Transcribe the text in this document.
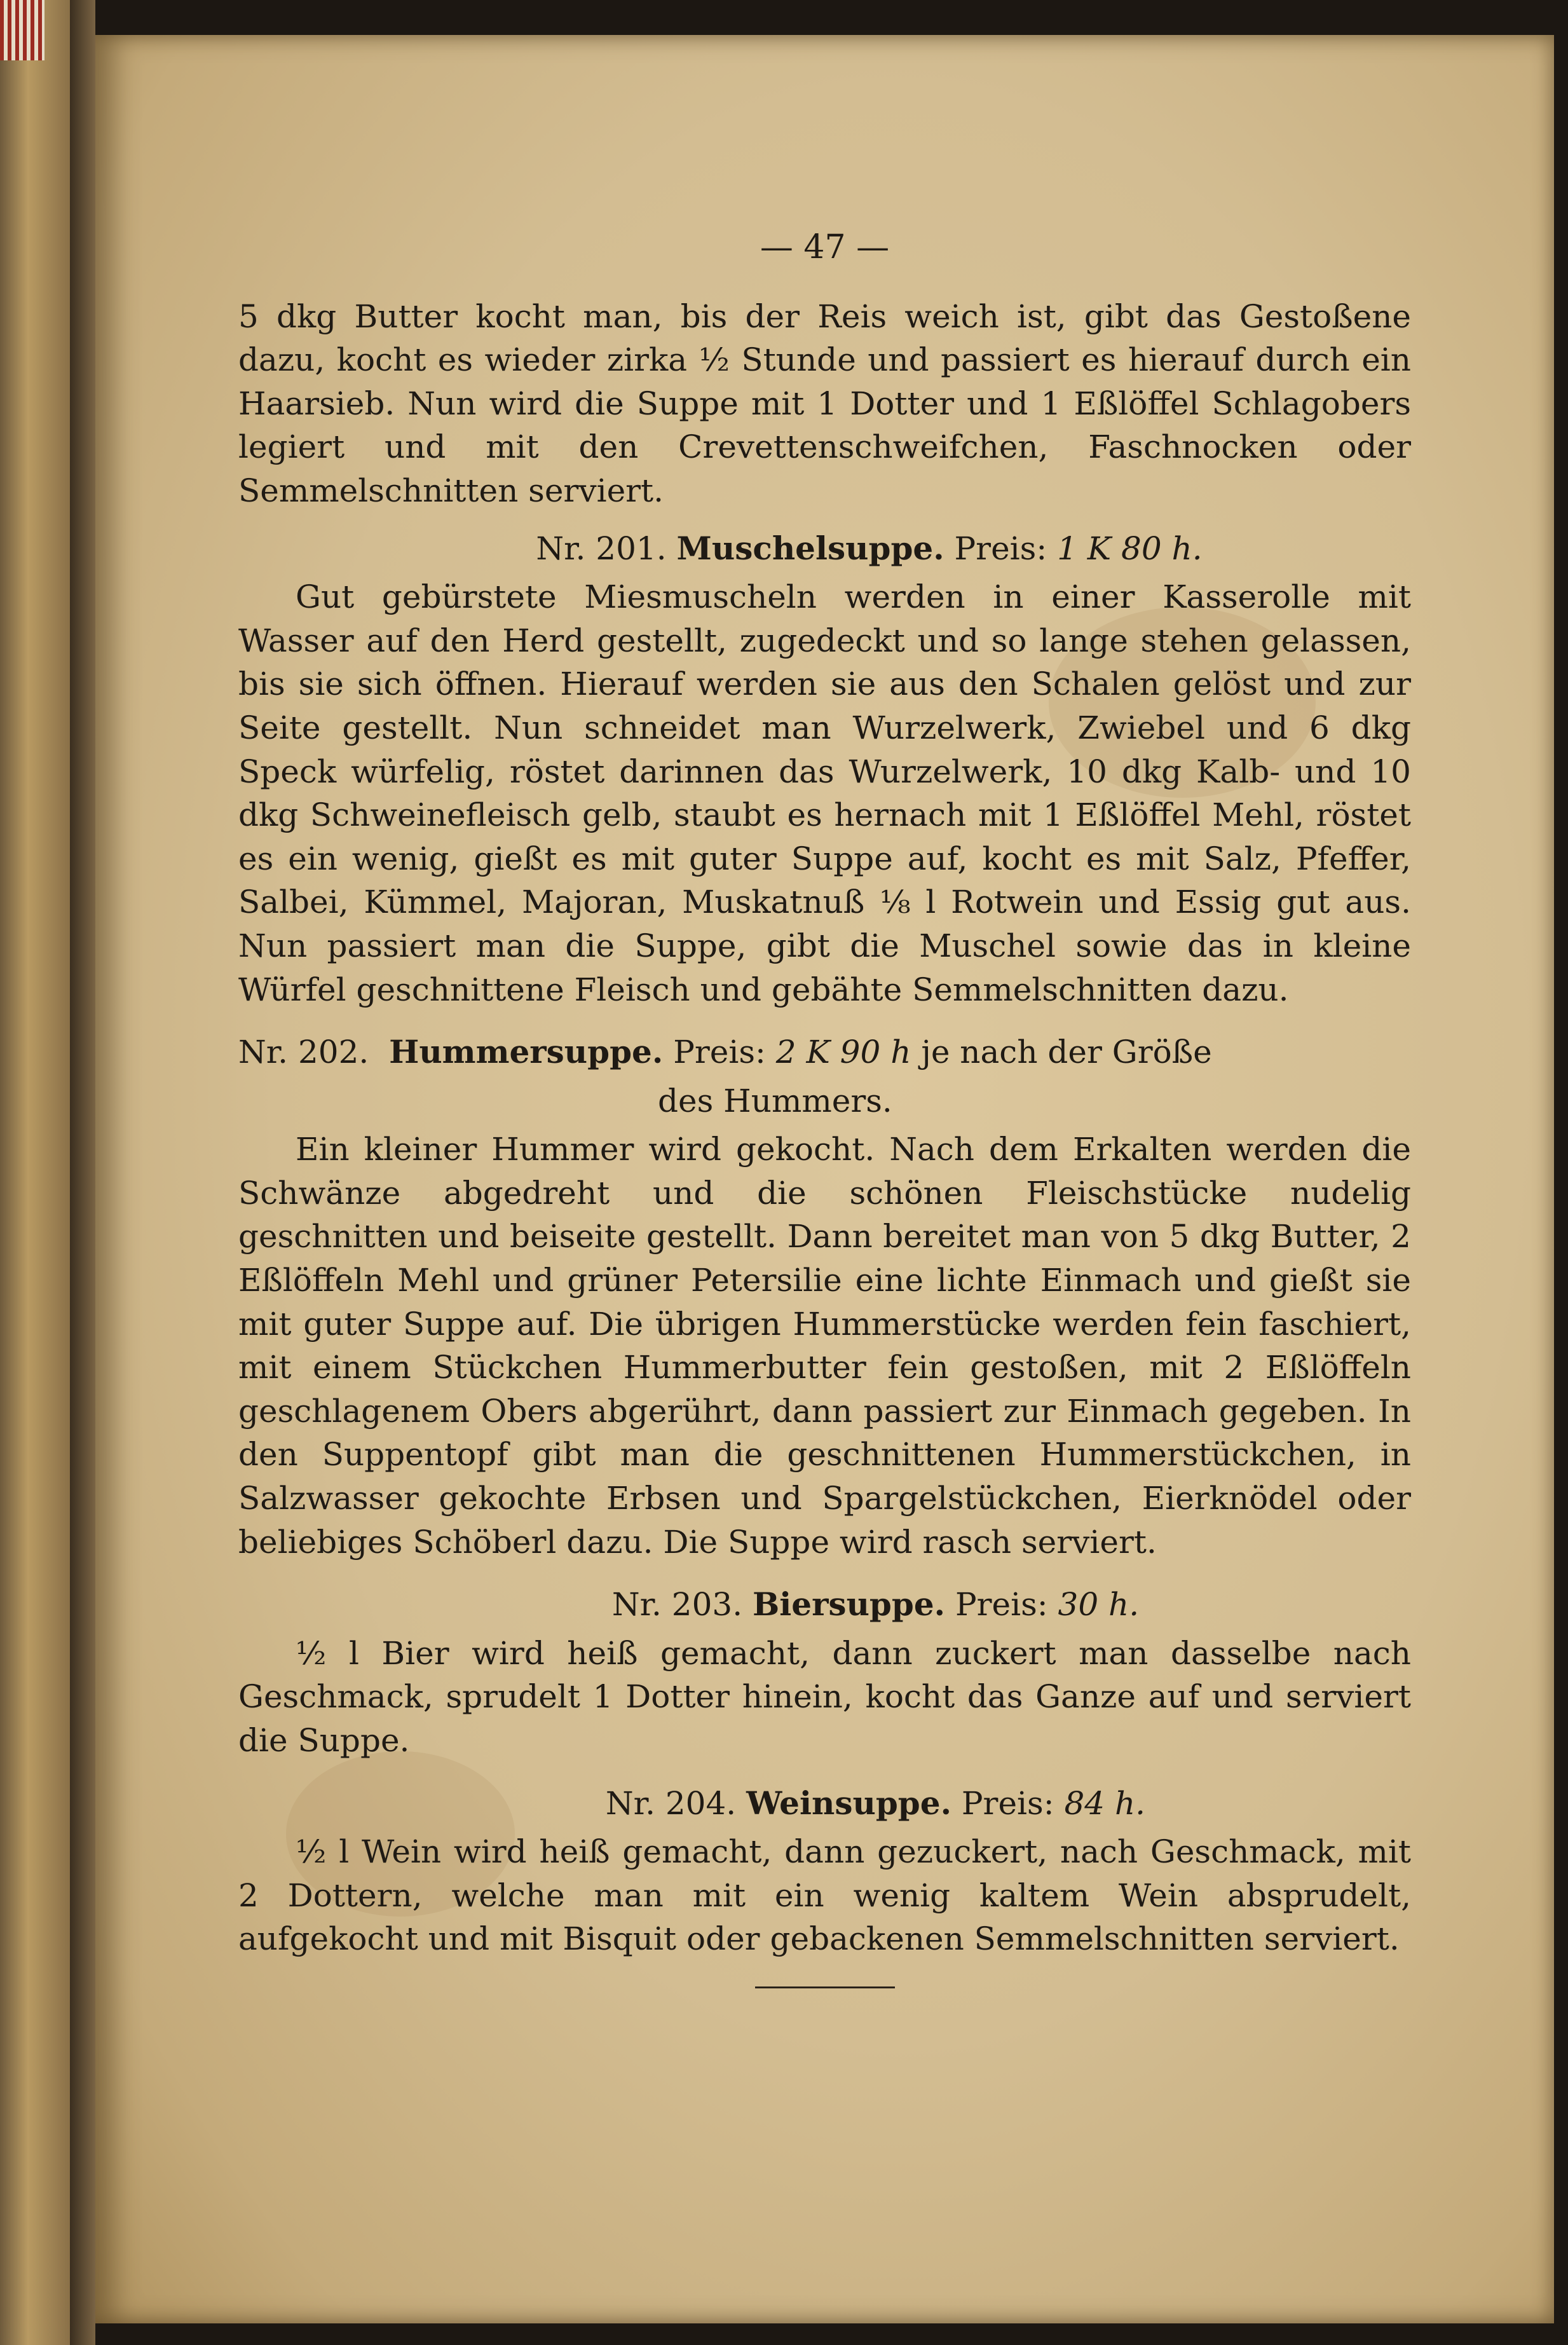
— 47 —

5 dkg Butter kocht man, bis der Reis weich ist, gibt das Gestoßene dazu, kocht es wieder zirka ½ Stunde und passiert es hierauf durch ein Haarsieb. Nun wird die Suppe mit 1 Dotter und 1 Eßlöffel Schlagobers legiert und mit den Crevettenschweifchen, Faschnocken oder Semmelschnitten serviert.

Nr. 201. Muschelsuppe. Preis: 1 K 80 h.

Gut gebürstete Miesmuscheln werden in einer Kasserolle mit Wasser auf den Herd gestellt, zugedeckt und so lange stehen gelassen, bis sie sich öffnen. Hierauf werden sie aus den Schalen gelöst und zur Seite gestellt. Nun schneidet man Wurzelwerk, Zwiebel und 6 dkg Speck würfelig, röstet darinnen das Wurzelwerk, 10 dkg Kalb- und 10 dkg Schweinefleisch gelb, staubt es hernach mit 1 Eßlöffel Mehl, röstet es ein wenig, gießt es mit guter Suppe auf, kocht es mit Salz, Pfeffer, Salbei, Kümmel, Majoran, Muskatnuß ⅛ l Rotwein und Essig gut aus. Nun passiert man die Suppe, gibt die Muschel sowie das in kleine Würfel geschnittene Fleisch und gebähte Semmelschnitten dazu.

Nr. 202. Hummersuppe. Preis: 2 K 90 h je nach der Größe
des Hummers.

Ein kleiner Hummer wird gekocht. Nach dem Erkalten werden die Schwänze abgedreht und die schönen Fleischstücke nudelig geschnitten und beiseite gestellt. Dann bereitet man von 5 dkg Butter, 2 Eßlöffeln Mehl und grüner Petersilie eine lichte Einmach und gießt sie mit guter Suppe auf. Die übrigen Hummerstücke werden fein faschiert, mit einem Stückchen Hummerbutter fein gestoßen, mit 2 Eßlöffeln geschlagenem Obers abgerührt, dann passiert zur Einmach gegeben. In den Suppentopf gibt man die geschnittenen Hummerstückchen, in Salzwasser gekochte Erbsen und Spargelstückchen, Eierknödel oder beliebiges Schöberl dazu. Die Suppe wird rasch serviert.

Nr. 203. Biersuppe. Preis: 30 h.

½ l Bier wird heiß gemacht, dann zuckert man dasselbe nach Geschmack, sprudelt 1 Dotter hinein, kocht das Ganze auf und serviert die Suppe.

Nr. 204. Weinsuppe. Preis: 84 h.

½ l Wein wird heiß gemacht, dann gezuckert, nach Geschmack, mit 2 Dottern, welche man mit ein wenig kaltem Wein absprudelt, aufgekocht und mit Bisquit oder gebackenen Semmelschnitten serviert.
